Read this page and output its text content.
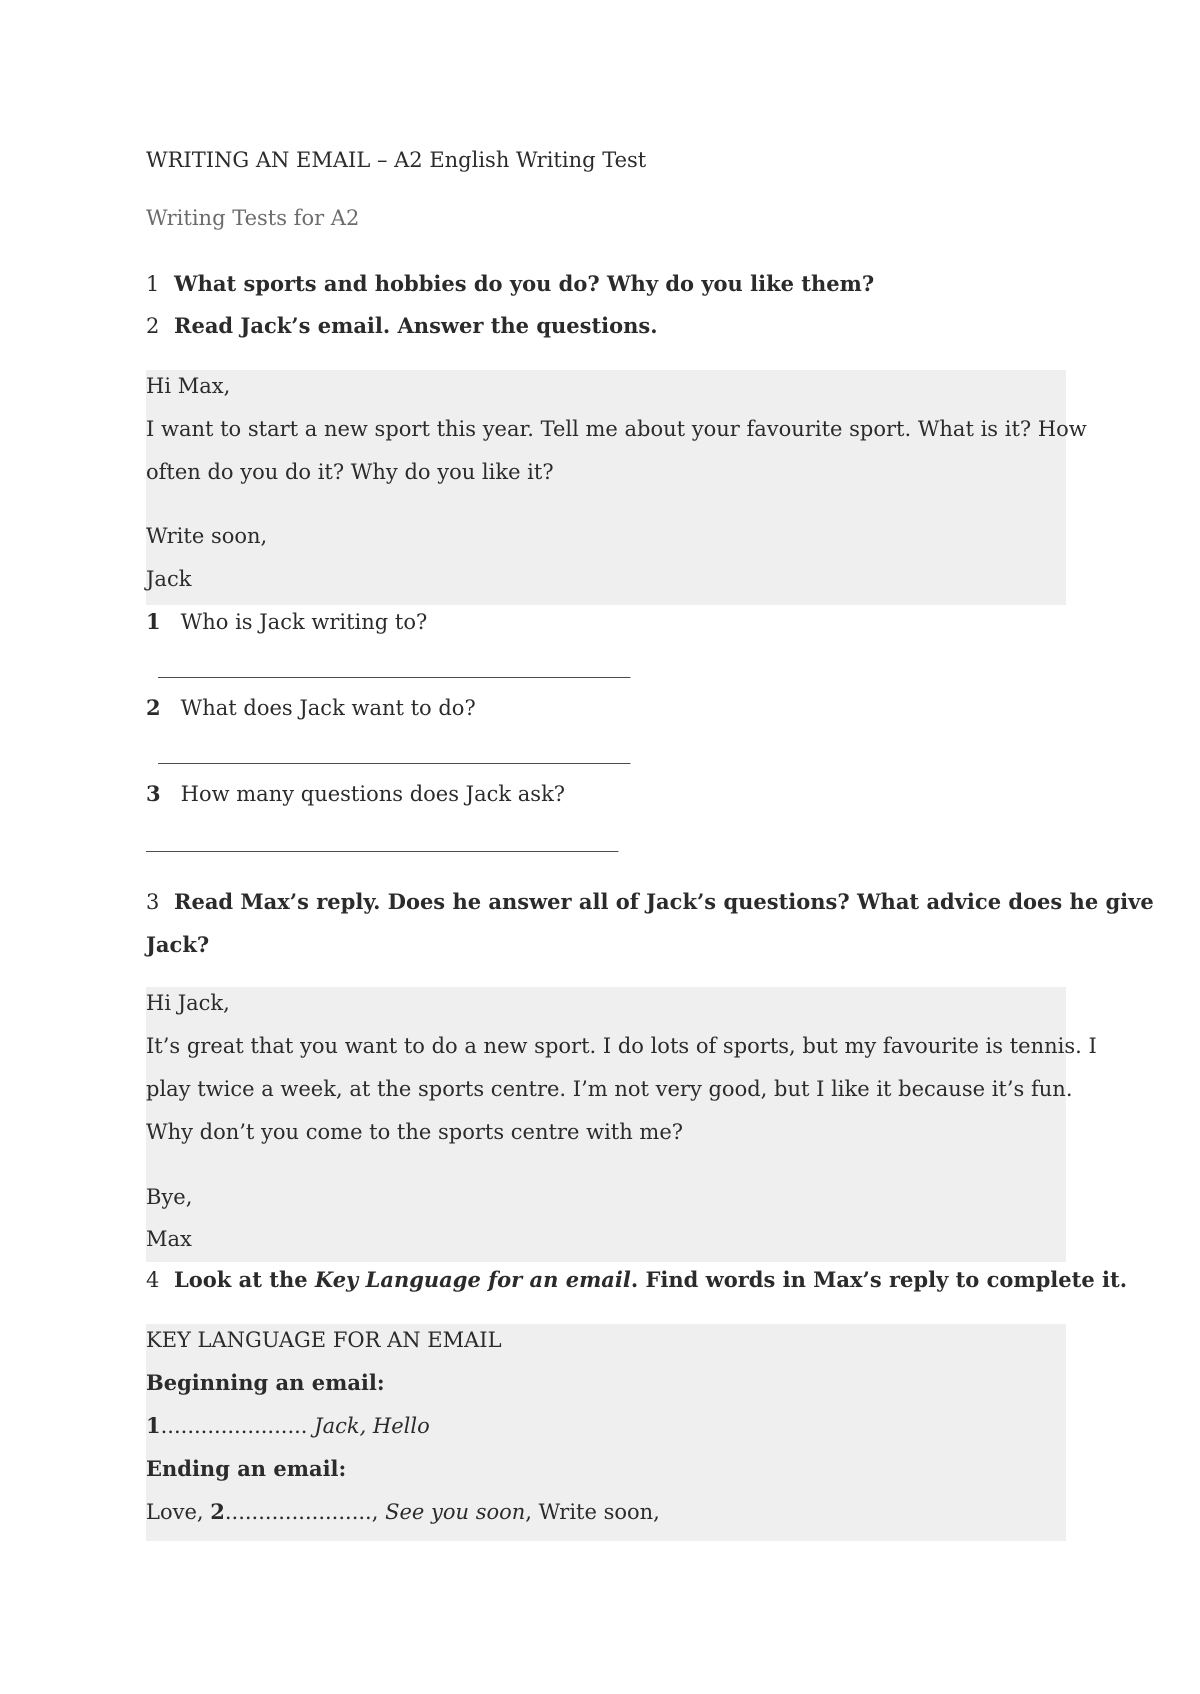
WRITING AN EMAIL – A2 English Writing Test
Writing Tests for A2
1 What sports and hobbies do you do? Why do you like them?
2 Read Jack’s email. Answer the questions.
Hi Max,
I want to start a new sport this year. Tell me about your favourite sport. What is it? How
often do you do it? Why do you like it?
Write soon,
Jack
1 Who is Jack writing to?
_____________________________________________
2 What does Jack want to do?
_____________________________________________
3 How many questions does Jack ask?
_____________________________________________
3 Read Max’s reply. Does he answer all of Jack’s questions? What advice does he give
Jack?
Hi Jack,
It’s great that you want to do a new sport. I do lots of sports, but my favourite is tennis. I
play twice a week, at the sports centre. I’m not very good, but I like it because it’s fun.
Why don’t you come to the sports centre with me?
Bye,
Max
4 Look at the Key Language for an email. Find words in Max’s reply to complete it.
KEY LANGUAGE FOR AN EMAIL
Beginning an email:
1...................... Jack, Hello
Ending an email:
Love, 2......................, See you soon, Write soon,
